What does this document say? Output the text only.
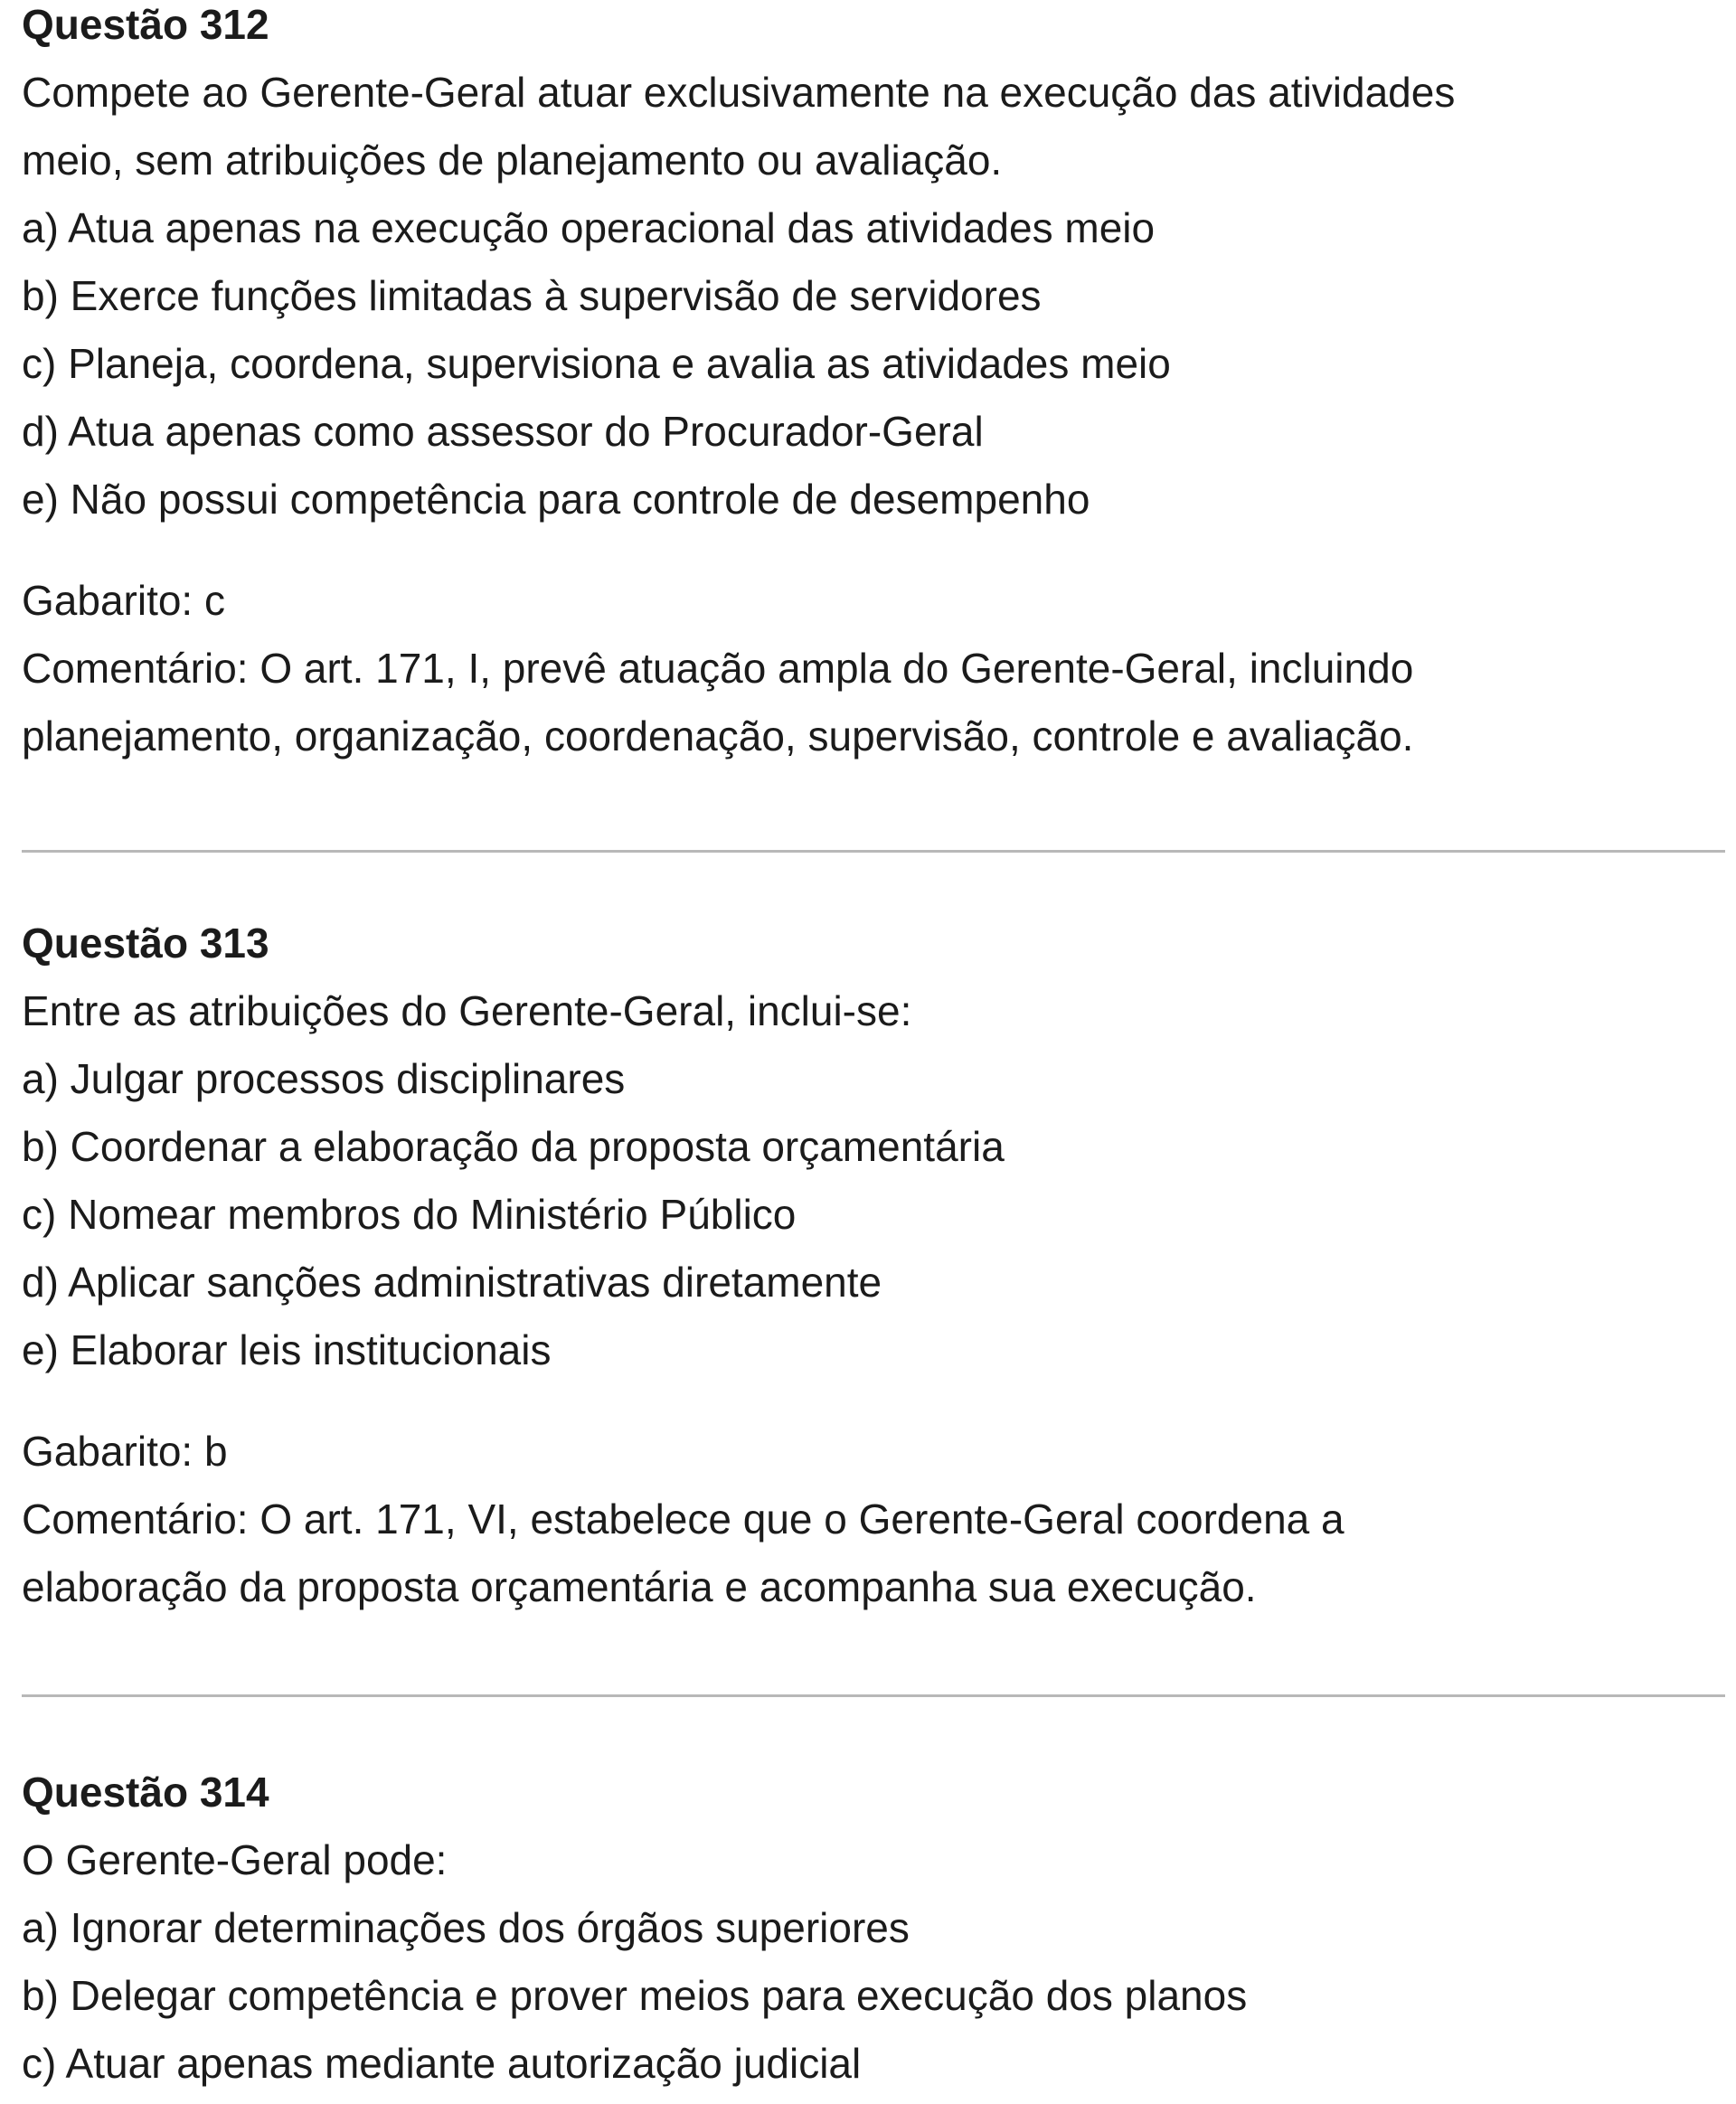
Questão 312
Compete ao Gerente-Geral atuar exclusivamente na execução das atividades
meio, sem atribuições de planejamento ou avaliação.
a) Atua apenas na execução operacional das atividades meio
b) Exerce funções limitadas à supervisão de servidores
c) Planeja, coordena, supervisiona e avalia as atividades meio
d) Atua apenas como assessor do Procurador-Geral
e) Não possui competência para controle de desempenho
Gabarito: c
Comentário: O art. 171, I, prevê atuação ampla do Gerente-Geral, incluindo
planejamento, organização, coordenação, supervisão, controle e avaliação.
Questão 313
Entre as atribuições do Gerente-Geral, inclui-se:
a) Julgar processos disciplinares
b) Coordenar a elaboração da proposta orçamentária
c) Nomear membros do Ministério Público
d) Aplicar sanções administrativas diretamente
e) Elaborar leis institucionais
Gabarito: b
Comentário: O art. 171, VI, estabelece que o Gerente-Geral coordena a
elaboração da proposta orçamentária e acompanha sua execução.
Questão 314
O Gerente-Geral pode:
a) Ignorar determinações dos órgãos superiores
b) Delegar competência e prover meios para execução dos planos
c) Atuar apenas mediante autorização judicial
